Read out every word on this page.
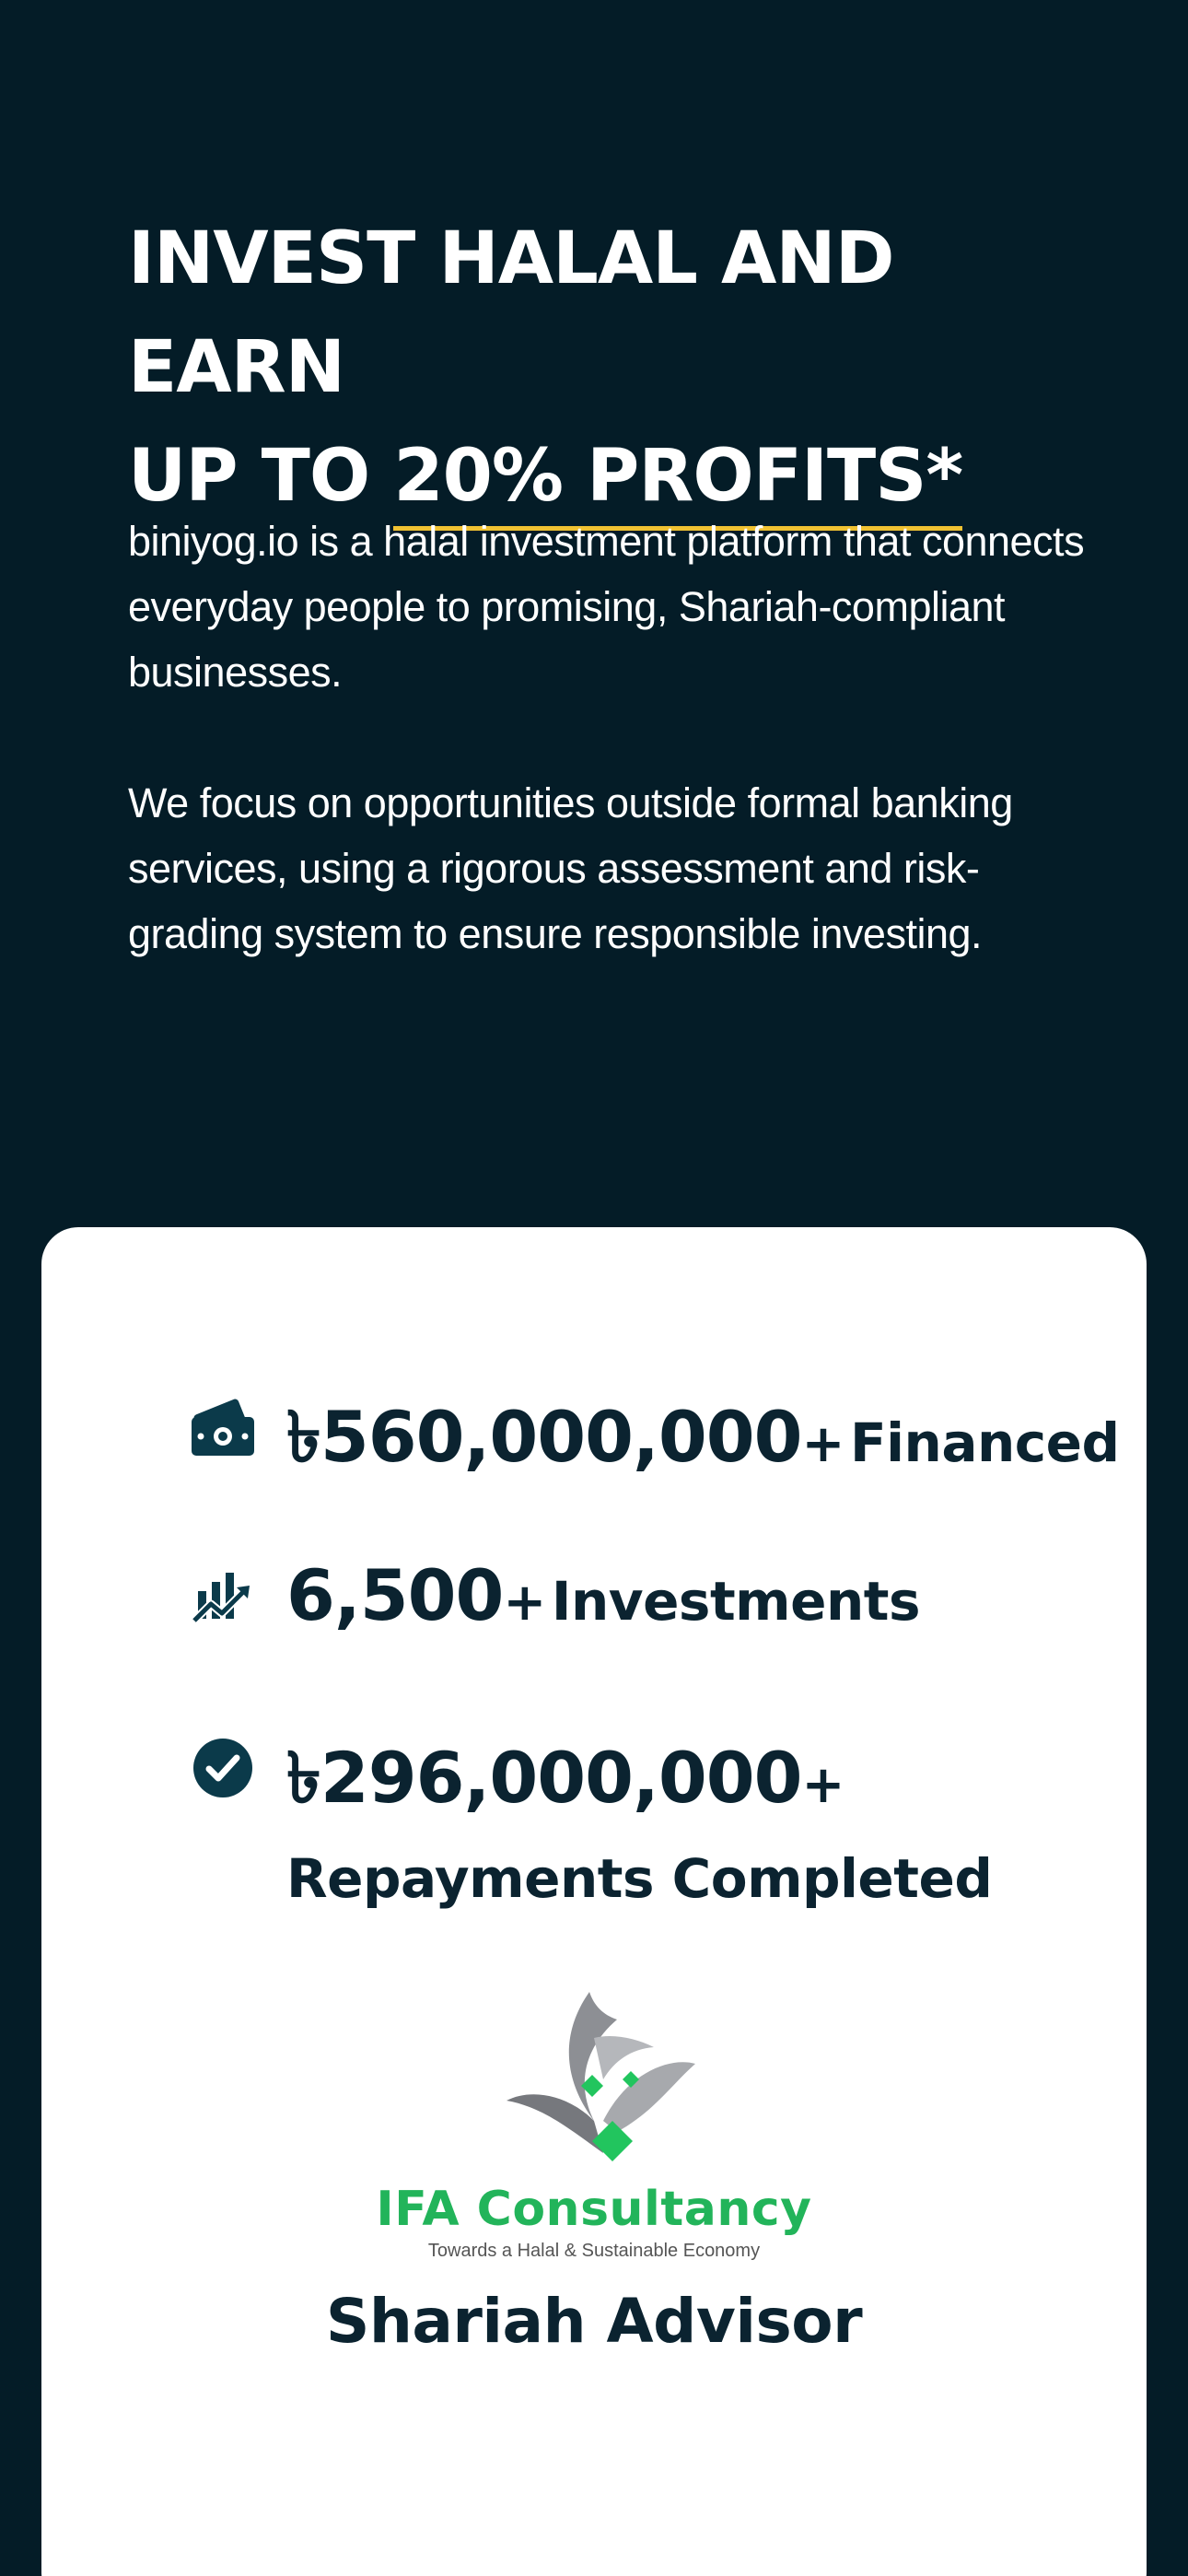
INVEST HALAL AND EARN
UP TO 20% PROFITS*

biniyog.io is a halal investment platform that connects everyday people to promising, Shariah-compliant businesses.

We focus on opportunities outside formal banking services, using a rigorous assessment and risk-grading system to ensure responsible investing.

৳560,000,000+ Financed
6,500+ Investments
৳296,000,000+
Repayments Completed
IFA Consultancy
Towards a Halal & Sustainable Economy
Shariah Advisor
